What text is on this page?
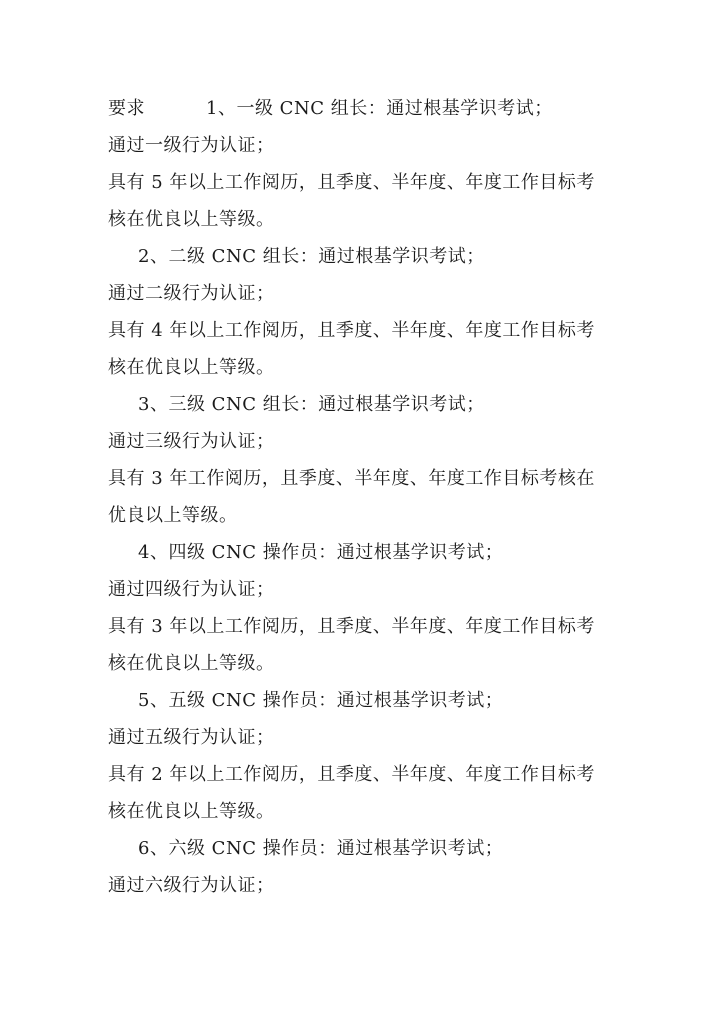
要求	1、一级 CNC 组长：通过根基学识考试；
通过一级行为认证；
具有 5 年以上工作阅历，且季度、半年度、年度工作目标考
核在优良以上等级。
2、二级 CNC 组长：通过根基学识考试；
通过二级行为认证；
具有 4 年以上工作阅历，且季度、半年度、年度工作目标考
核在优良以上等级。
3、三级 CNC 组长：通过根基学识考试；
通过三级行为认证；
具有 3 年工作阅历，且季度、半年度、年度工作目标考核在
优良以上等级。
4、四级 CNC 操作员：通过根基学识考试；
通过四级行为认证；
具有 3 年以上工作阅历，且季度、半年度、年度工作目标考
核在优良以上等级。
5、五级 CNC 操作员：通过根基学识考试；
通过五级行为认证；
具有 2 年以上工作阅历，且季度、半年度、年度工作目标考
核在优良以上等级。
6、六级 CNC 操作员：通过根基学识考试；
通过六级行为认证；
